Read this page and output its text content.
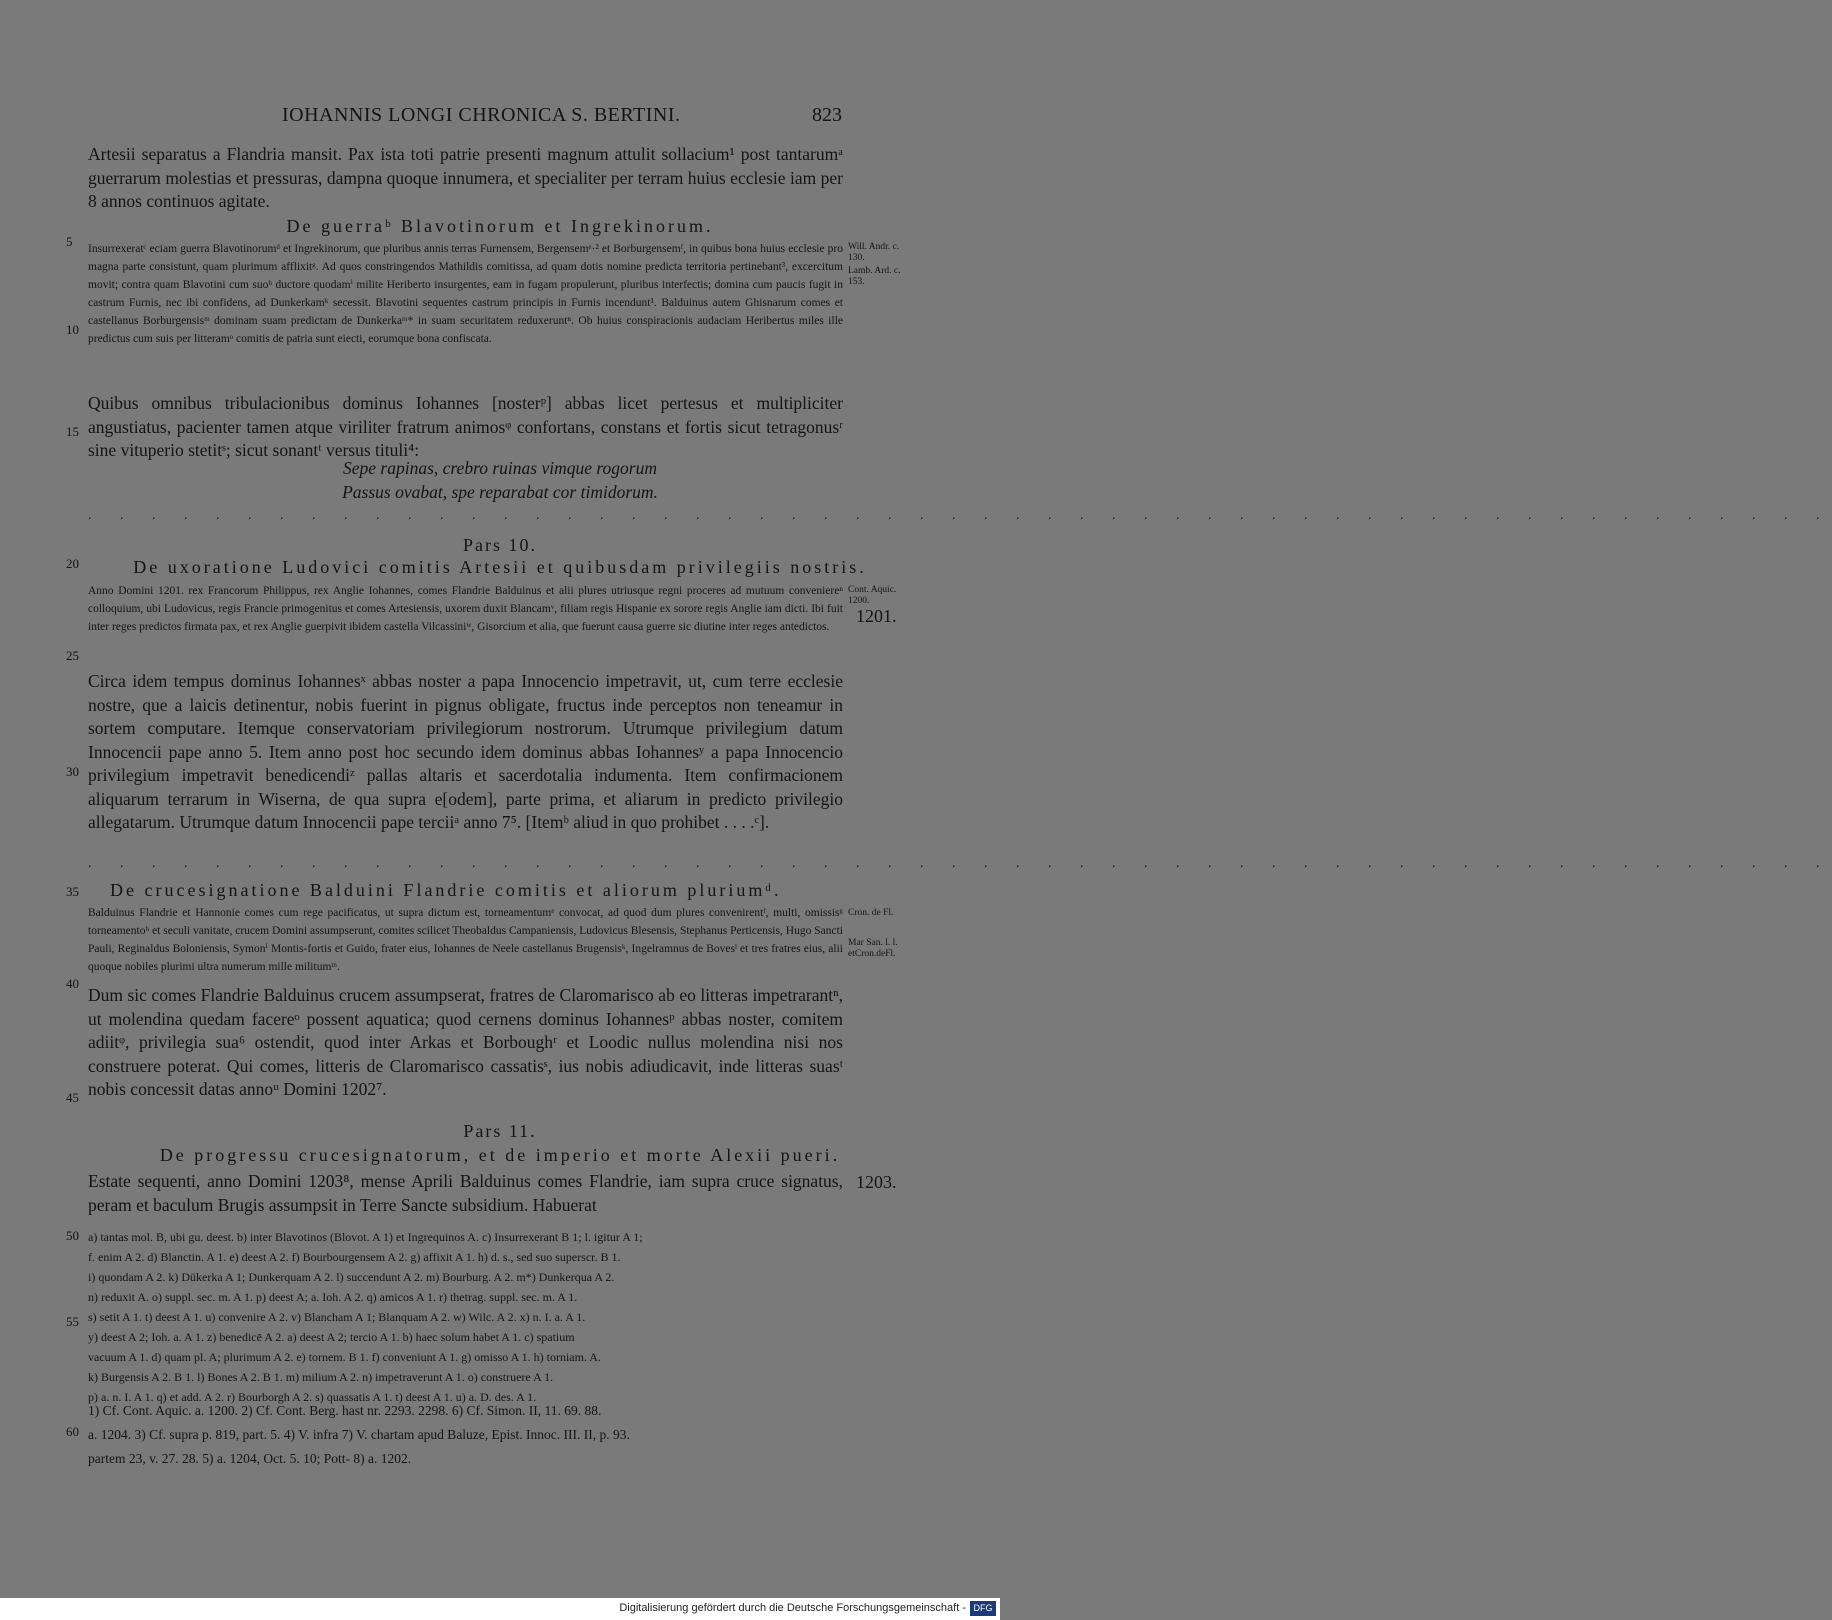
IOHANNIS LONGI CHRONICA S. BERTINI.	823
5
10
15
20
25
30
35
40
45
50
55
60
Artesii separatus a Flandria mansit. Pax ista toti patrie presenti magnum attulit sollacium¹ post tantarumᵃ guerrarum molestias et pressuras, dampna quoque innumera, et specialiter per terram huius ecclesie iam per 8 annos continuos agitate.
De guerraᵇ Blavotinorum et Ingrekinorum.
Insurrexeratᶜ eciam guerra Blavotinorumᵈ et Ingrekinorum, que pluribus annis terras Furnensem, Bergensemᵉ·² et Borburgensemᶠ, in quibus bona huius ecclesie pro magna parte consistunt, quam plurimum afflixitᵍ. Ad quos constringendos Mathildis comitissa, ad quam dotis nomine predicta territoria pertinebant³, excercitum movit; contra quam Blavotini cum suoʰ ductore quodamⁱ milite Heriberto insurgentes, eam in fugam propulerunt, pluribus interfectis; domina cum paucis fugit in castrum Furnis, nec ibi confidens, ad Dunkerkamᵏ secessit. Blavotini sequentes castrum principis in Furnis incendunt¹. Balduinus autem Ghisnarum comes et castellanus Borburgensisᵐ dominam suam predictam de Dunkerkaᵐ* in suam securitatem reduxeruntⁿ. Ob huius conspiracionis audaciam Heribertus miles ille predictus cum suis per litteramᵒ comitis de patria sunt eiecti, eorumque bona confiscata.
Quibus omnibus tribulacionibus dominus Iohannes [nosterᵖ] abbas licet pertesus et multipliciter angustiatus, pacienter tamen atque viriliter fratrum animosᵠ confortans, constans et fortis sicut tetragonusʳ sine vituperio stetitˢ; sicut sonantᵗ versus tituli⁴:
Sepe rapinas, crebro ruinas vimque rogorum
Passus ovabat, spe reparabat cor timidorum.
. . . . . . . . . . . . . . . . . . . . . . . . . . . . . . . . . . . . . . . . . . . . . . . . . . . . . . .
Pars 10.
De uxoratione Ludovici comitis Artesii et quibusdam privilegiis nostris.
Anno Domini 1201. rex Francorum Philippus, rex Anglie Iohannes, comes Flandrie Balduinus et alii plures utriusque regni proceres ad mutuum conveniereⁿ colloquium, ubi Ludovicus, regis Francie primogenitus et comes Artesiensis, uxorem duxit Blancamᵛ, filiam regis Hispanie ex sorore regis Anglie iam dicti. Ibi fuit inter reges predictos firmata pax, et rex Anglie guerpivit ibidem castella Vilcassiniʷ, Gisorcium et alia, que fuerunt causa guerre sic diutine inter reges antedictos.
Circa idem tempus dominus Iohannesˣ abbas noster a papa Innocencio impetravit, ut, cum terre ecclesie nostre, que a laicis detinentur, nobis fuerint in pignus obligate, fructus inde perceptos non teneamur in sortem computare. Itemque conservatoriam privilegiorum nostrorum. Utrumque privilegium datum Innocencii pape anno 5. Item anno post hoc secundo idem dominus abbas Iohannesʸ a papa Innocencio privilegium impetravit benedicendiᶻ pallas altaris et sacerdotalia indumenta. Item confirmacionem aliquarum terrarum in Wiserna, de qua supra e[odem], parte prima, et aliarum in predicto privilegio allegatarum. Utrumque datum Innocencii pape terciiᵃ anno 7⁵. [Itemᵇ aliud in quo prohibet . . . .ᶜ].
. . . . . . . . . . . . . . . . . . . . . . . . . . . . . . . . . . . . . . . . . . . . . . . . . . . . . . .
De crucesignatione Balduini Flandrie comitis et aliorum pluriumᵈ.
Balduinus Flandrie et Hannonie comes cum rege pacificatus, ut supra dictum est, torneamentumᵉ convocat, ad quod dum plures convenirentᶠ, multi, omissisᵍ torneamentoʰ et seculi vanitate, crucem Domini assumpserunt, comites scilicet Theobaldus Campaniensis, Ludovicus Blesensis, Stephanus Perticensis, Hugo Sancti Pauli, Reginaldus Boloniensis, Symonⁱ Montis-fortis et Guido, frater eius, Iohannes de Neele castellanus Brugensisᵏ, Ingelramnus de Bovesˡ et tres fratres eius, alii quoque nobiles plurimi ultra numerum mille militumᵐ.
Dum sic comes Flandrie Balduinus crucem assumpserat, fratres de Claromarisco ab eo litteras impetrarantⁿ, ut molendina quedam facereᵒ possent aquatica; quod cernens dominus Iohannesᵖ abbas noster, comitem adiitᵠ, privilegia sua⁶ ostendit, quod inter Arkas et Borboughʳ et Loodic nullus molendina nisi nos construere poterat. Qui comes, litteris de Claromarisco cassatisˢ, ius nobis adiudicavit, inde litteras suasᵗ nobis concessit datas annoᵘ Domini 1202⁷.
Pars 11.
De progressu crucesignatorum, et de imperio et morte Alexii pueri.
Estate sequenti, anno Domini 1203⁸, mense Aprili Balduinus comes Flandrie, iam supra cruce signatus, peram et baculum Brugis assumpsit in Terre Sancte subsidium. Habuerat
Will. Andr. c. 130.
Lamb. Ard. c. 153.
Cont. Aquic. 1200.
1201.
Cron. de Fl.
Mar San. l. l. etCron.deFl.
1203.
a) tantas mol. B, ubi gu. deest. b) inter Blavotinos (Blovot. A 1) et Ingrequinos A. c) Insurrexerant B 1; l. igitur A 1;
f. enim A 2. d) Blanctin. A 1. e) deest A 2. f) Bourbourgensem A 2. g) affixit A 1. h) d. s., sed suo superscr. B 1.
i) quondam A 2. k) Dükerka A 1; Dunkerquam A 2. l) succendunt A 2. m) Bourburg. A 2. m*) Dunkerqua A 2.
n) reduxit A. o) suppl. sec. m. A 1. p) deest A; a. Ioh. A 2. q) amicos A 1. r) thetrag. suppl. sec. m. A 1.
s) setit A 1. t) deest A 1. u) convenire A 2. v) Blancham A 1; Blanquam A 2. w) Wilc. A 2. x) n. I. a. A 1.
y) deest A 2; Ioh. a. A 1. z) benedicē A 2. a) deest A 2; tercio A 1. b) haec solum habet A 1. c) spatium
vacuum A 1. d) quam pl. A; plurimum A 2. e) tornem. B 1. f) conveniunt A 1. g) omisso A 1. h) torniam. A.
k) Burgensis A 2. B 1. l) Bones A 2. B 1. m) milium A 2. n) impetraverunt A 1. o) construere A 1.
p) a. n. I. A 1. q) et add. A 2. r) Bourborgh A 2. s) quassatis A 1. t) deest A 1. u) a. D. des. A 1.
1) Cf. Cont. Aquic. a. 1200. 2) Cf. Cont. Berg. hast nr. 2293. 2298. 6) Cf. Simon. II, 11. 69. 88.
a. 1204. 3) Cf. supra p. 819, part. 5. 4) V. infra 7) V. chartam apud Baluze, Epist. Innoc. III. II, p. 93.
partem 23, v. 27. 28. 5) a. 1204, Oct. 5. 10; Pott- 8) a. 1202.
Digitalisierung gefördert durch die Deutsche Forschungsgemeinschaft - DFG
